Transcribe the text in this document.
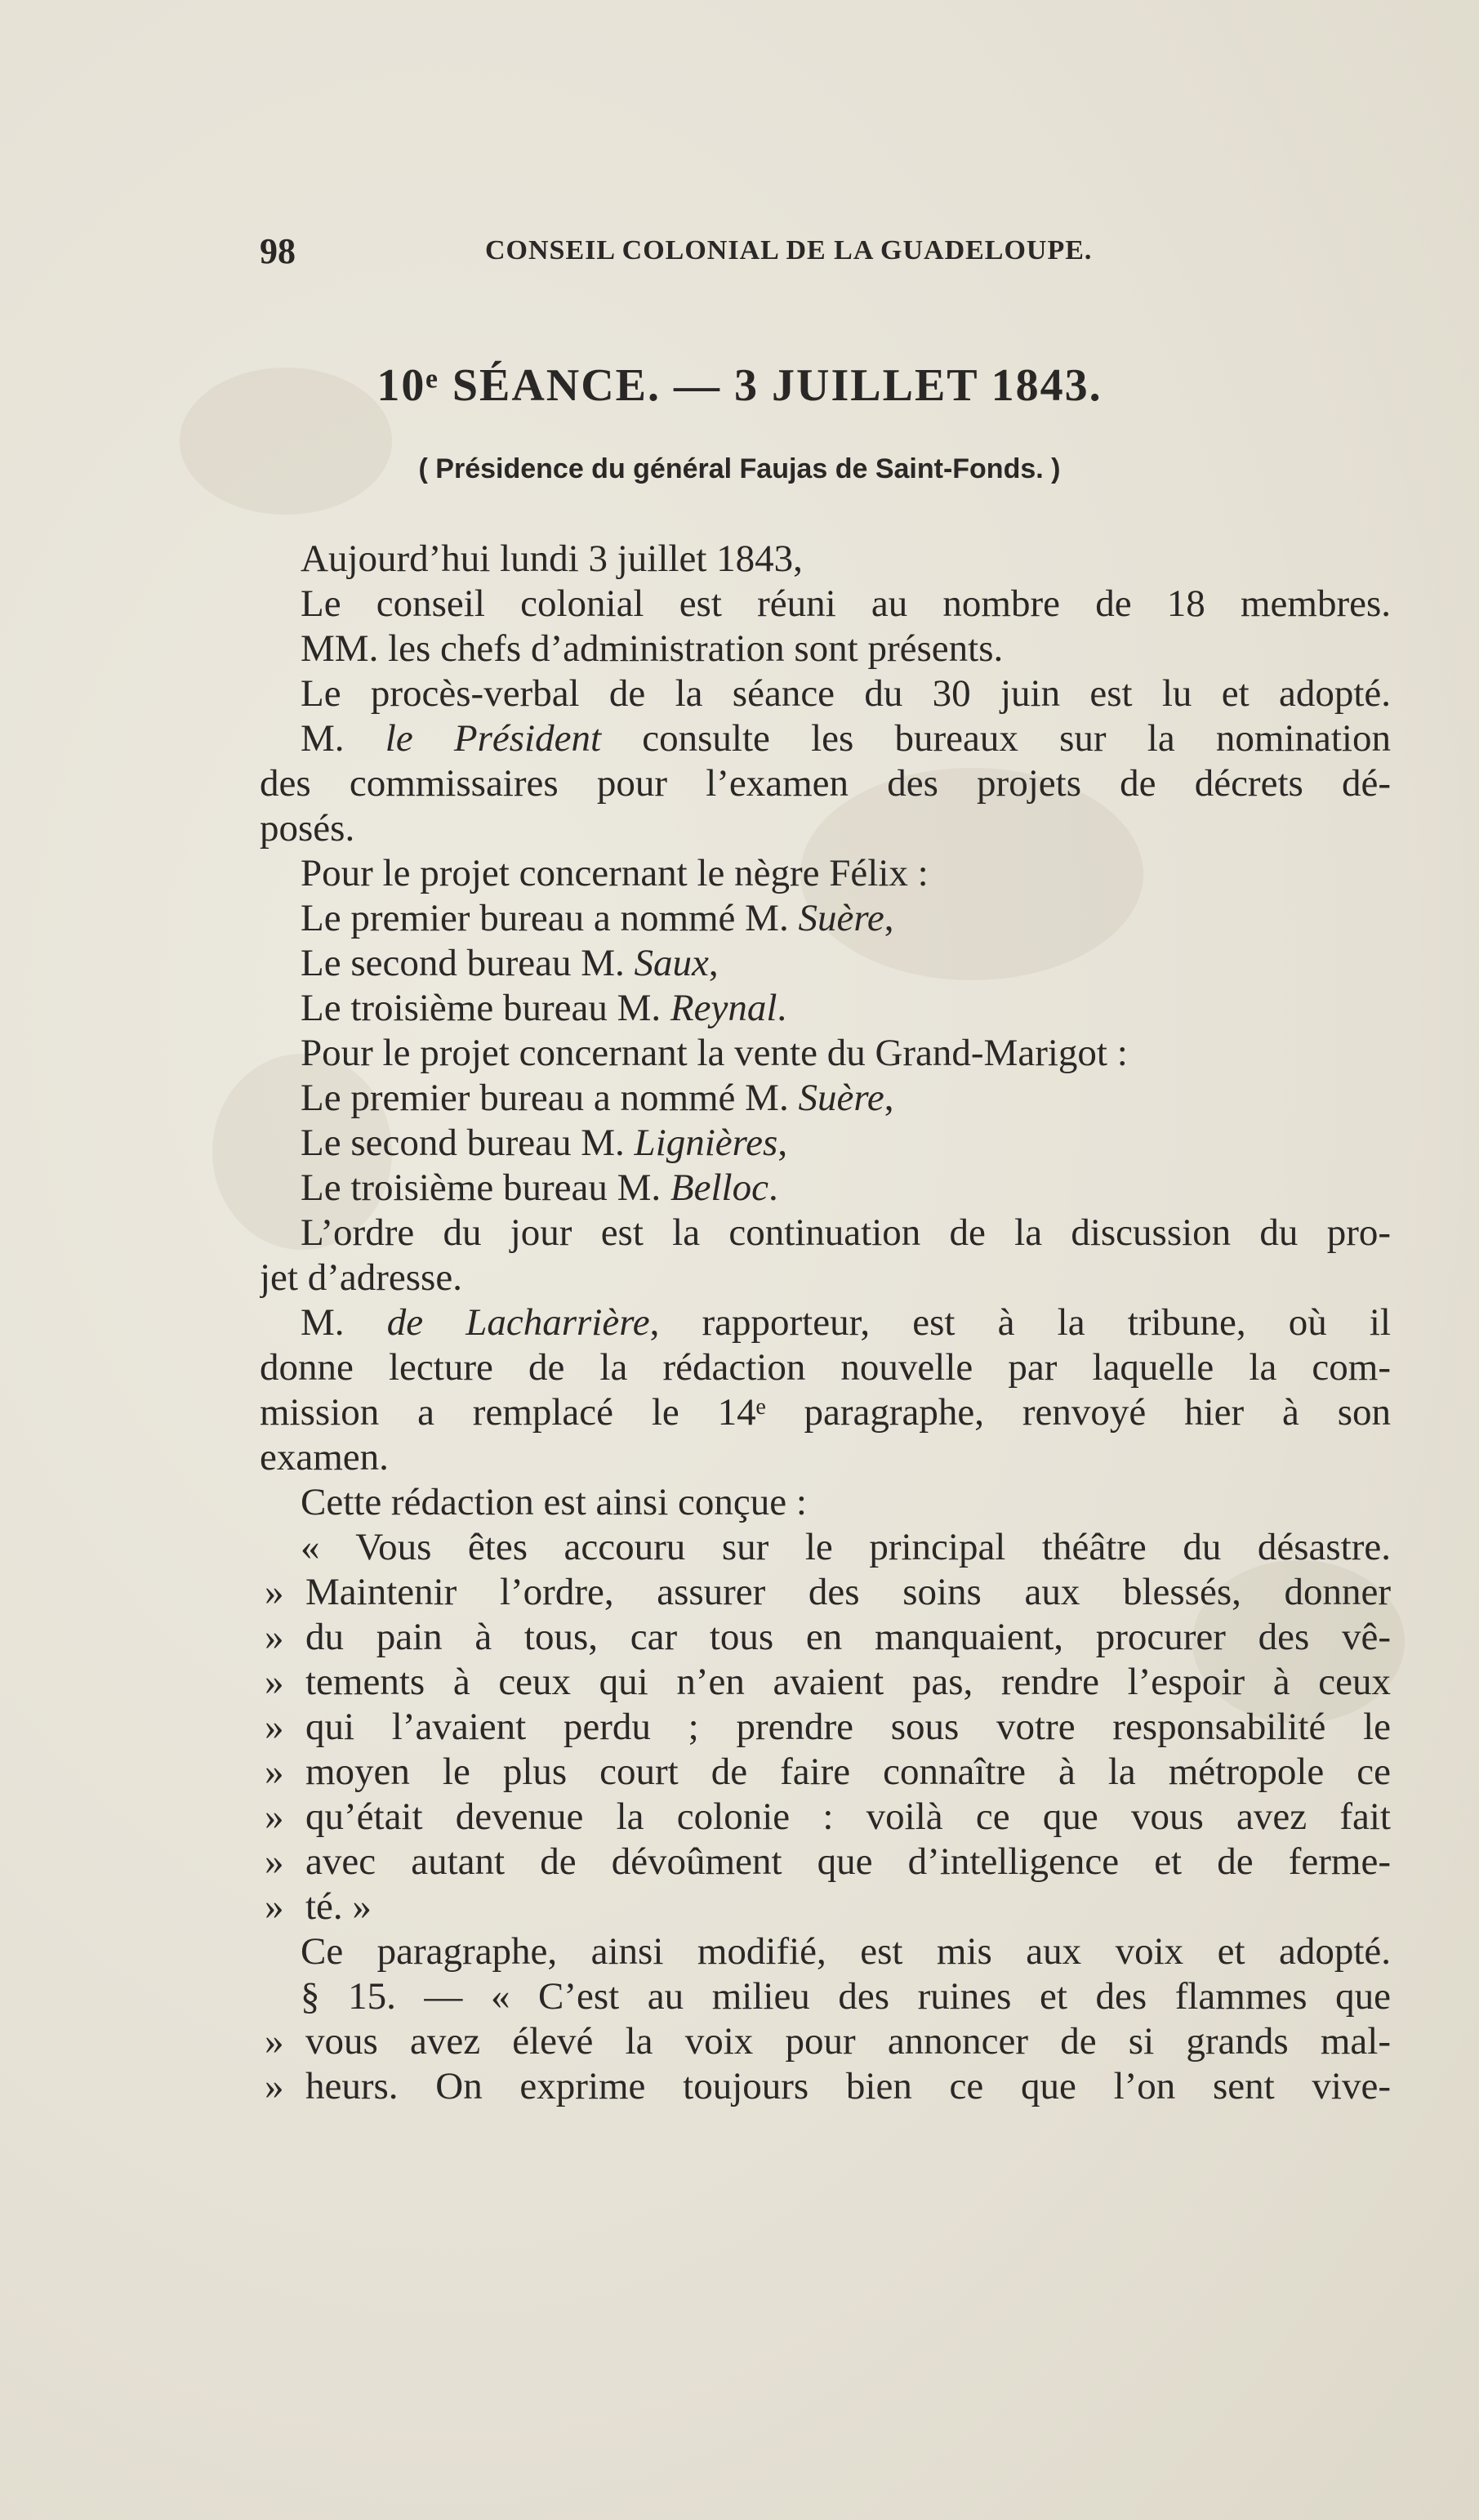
98	CONSEIL COLONIAL DE LA GUADELOUPE.
10ᵉ SÉANCE. — 3 JUILLET 1843.
( Présidence du général Faujas de Saint-Fonds. )
Aujourd’hui lundi 3 juillet 1843,
Le conseil colonial est réuni au nombre de 18 membres.
MM. les chefs d’administration sont présents.
Le procès-verbal de la séance du 30 juin est lu et adopté.
M. le Président consulte les bureaux sur la nomination
des commissaires pour l’examen des projets de décrets dé-
posés.
Pour le projet concernant le nègre Félix :
Le premier bureau a nommé M. Suère,
Le second bureau M. Saux,
Le troisième bureau M. Reynal.
Pour le projet concernant la vente du Grand-Marigot :
Le premier bureau a nommé M. Suère,
Le second bureau M. Lignières,
Le troisième bureau M. Belloc.
L’ordre du jour est la continuation de la discussion du pro-
jet d’adresse.
M. de Lacharrière, rapporteur, est à la tribune, où il
donne lecture de la rédaction nouvelle par laquelle la com-
mission a remplacé le 14ᵉ paragraphe, renvoyé hier à son
examen.
Cette rédaction est ainsi conçue :
« Vous êtes accouru sur le principal théâtre du désastre.
» Maintenir l’ordre, assurer des soins aux blessés, donner
» du pain à tous, car tous en manquaient, procurer des vê-
» tements à ceux qui n’en avaient pas, rendre l’espoir à ceux
» qui l’avaient perdu ; prendre sous votre responsabilité le
» moyen le plus court de faire connaître à la métropole ce
» qu’était devenue la colonie : voilà ce que vous avez fait
» avec autant de dévoûment que d’intelligence et de ferme-
» té. »
Ce paragraphe, ainsi modifié, est mis aux voix et adopté.
§ 15. — « C’est au milieu des ruines et des flammes que
» vous avez élevé la voix pour annoncer de si grands mal-
» heurs. On exprime toujours bien ce que l’on sent vive-
